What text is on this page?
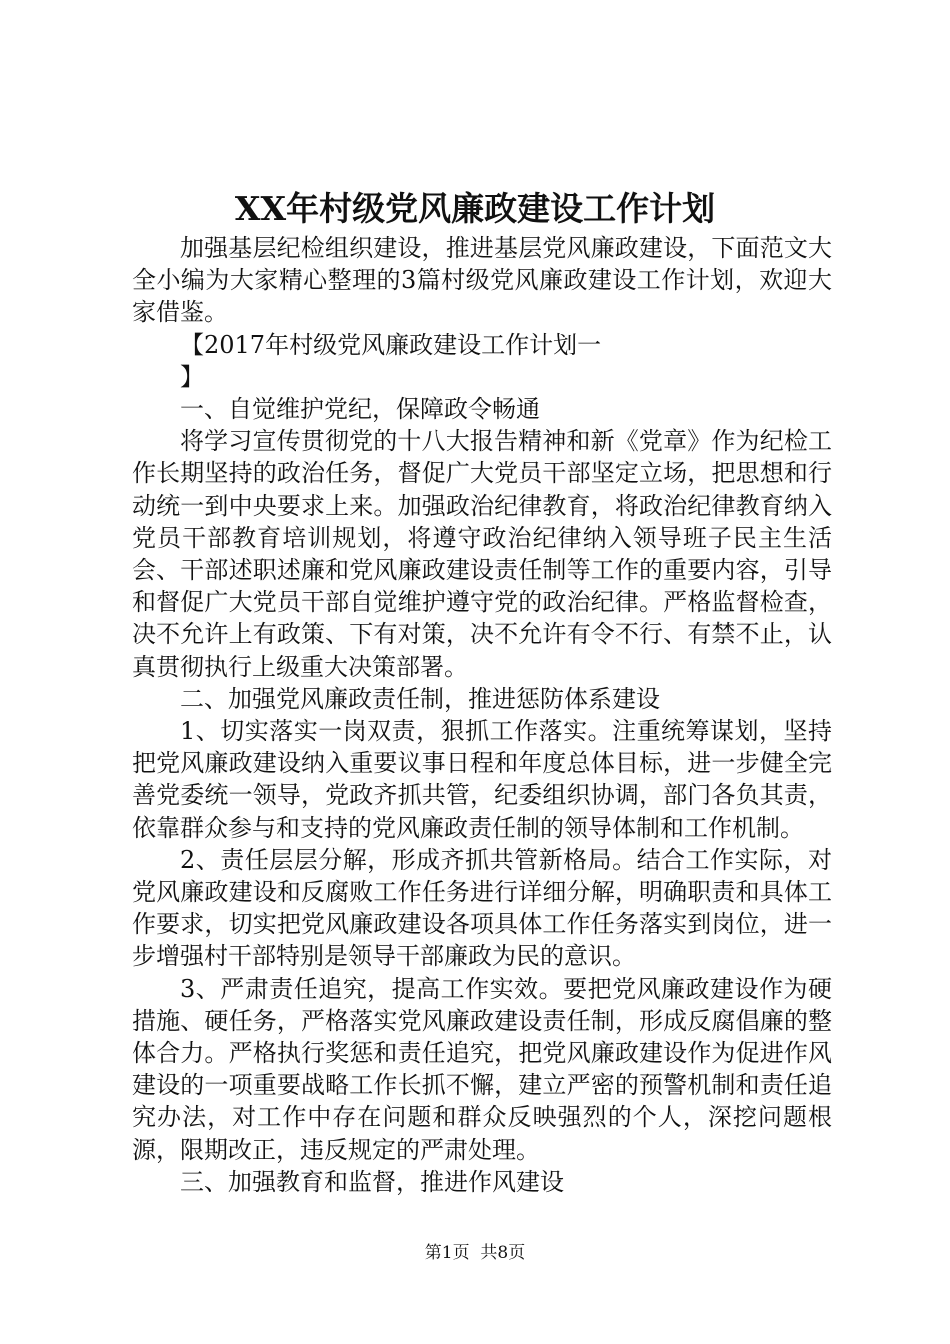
XX年村级党风廉政建设工作计划

加强基层纪检组织建设，推进基层党风廉政建设，下面范文大全小编为大家精心整理的3篇村级党风廉政建设工作计划，欢迎大家借鉴。

【2017年村级党风廉政建设工作计划一

】

一、自觉维护党纪，保障政令畅通

将学习宣传贯彻党的十八大报告精神和新《党章》作为纪检工作长期坚持的政治任务，督促广大党员干部坚定立场，把思想和行动统一到中央要求上来。加强政治纪律教育，将政治纪律教育纳入党员干部教育培训规划，将遵守政治纪律纳入领导班子民主生活会、干部述职述廉和党风廉政建设责任制等工作的重要内容，引导和督促广大党员干部自觉维护遵守党的政治纪律。严格监督检查，决不允许上有政策、下有对策，决不允许有令不行、有禁不止，认真贯彻执行上级重大决策部署。

二、加强党风廉政责任制，推进惩防体系建设

1、切实落实一岗双责，狠抓工作落实。注重统筹谋划，坚持把党风廉政建设纳入重要议事日程和年度总体目标，进一步健全完善党委统一领导，党政齐抓共管，纪委组织协调，部门各负其责，依靠群众参与和支持的党风廉政责任制的领导体制和工作机制。

2、责任层层分解，形成齐抓共管新格局。结合工作实际，对党风廉政建设和反腐败工作任务进行详细分解，明确职责和具体工作要求，切实把党风廉政建设各项具体工作任务落实到岗位，进一步增强村干部特别是领导干部廉政为民的意识。

3、严肃责任追究，提高工作实效。要把党风廉政建设作为硬措施、硬任务，严格落实党风廉政建设责任制，形成反腐倡廉的整体合力。严格执行奖惩和责任追究，把党风廉政建设作为促进作风建设的一项重要战略工作长抓不懈，建立严密的预警机制和责任追究办法，对工作中存在问题和群众反映强烈的个人，深挖问题根源，限期改正，违反规定的严肃处理。

三、加强教育和监督，推进作风建设

第1页 共8页
